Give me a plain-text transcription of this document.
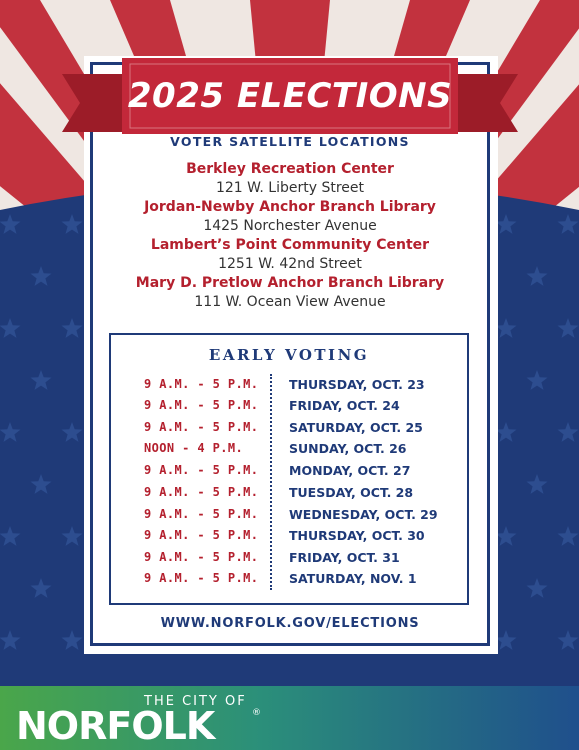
2025 ELECTIONS
VOTER SATELLITE LOCATIONS
Berkley Recreation Center
121 W. Liberty Street
Jordan-Newby Anchor Branch Library
1425 Norchester Avenue
Lambert’s Point Community Center
1251 W. 42nd Street
Mary D. Pretlow Anchor Branch Library
111 W. Ocean View Avenue
EARLY VOTING
9 A.M. - 5 P.M. THURSDAY, OCT. 23
9 A.M. - 5 P.M. FRIDAY, OCT. 24
9 A.M. - 5 P.M. SATURDAY, OCT. 25
NOON - 4 P.M.	SUNDAY, OCT. 26
9 A.M. - 5 P.M. MONDAY, OCT. 27
9 A.M. - 5 P.M. TUESDAY, OCT. 28
9 A.M. - 5 P.M. WEDNESDAY, OCT. 29
9 A.M. - 5 P.M. THURSDAY, OCT. 30
9 A.M. - 5 P.M. FRIDAY, OCT. 31
9 A.M. - 5 P.M. SATURDAY, NOV. 1
WWW.NORFOLK.GOV/ELECTIONS
THE CITY OF
NORFOLK	®
